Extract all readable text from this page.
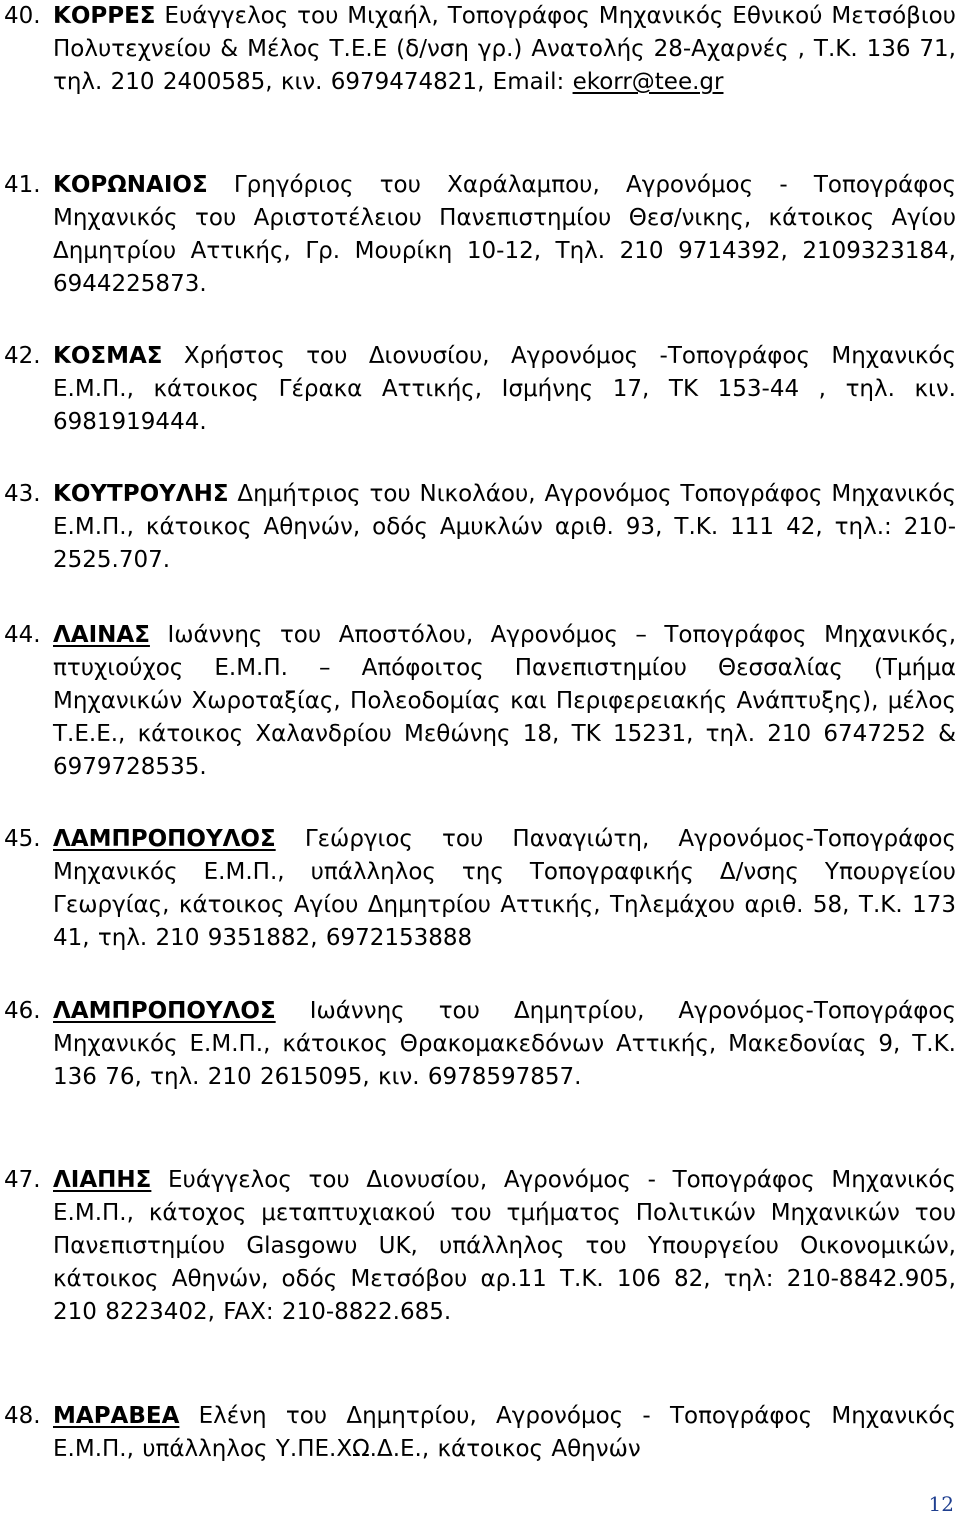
40. ΚΟΡΡΕΣ Ευάγγελος του Μιχαήλ, Τοπογράφος Μηχανικός Εθνικού Μετσόβιου Πολυτεχνείου & Μέλος Τ.Ε.Ε (δ/νση γρ.) Ανατολής 28-Αχαρνές , Τ.Κ. 136 71, τηλ. 210 2400585, κιν. 6979474821, Email: ekorr@tee.gr
41. ΚΟΡΩΝΑΙΟΣ Γρηγόριος του Χαράλαμπου, Αγρονόμος - Τοπογράφος Μηχανικός του Αριστοτέλειου Πανεπιστημίου Θεσ/νικης, κάτοικος Αγίου Δημητρίου Αττικής, Γρ. Μουρίκη 10-12, Τηλ. 210 9714392, 2109323184, 6944225873.
42. ΚΟΣΜΑΣ Χρήστος του Διονυσίου, Αγρονόμος -Τοπογράφος Μηχανικός Ε.Μ.Π., κάτοικος Γέρακα Αττικής, Ισμήνης 17, ΤΚ 153-44 , τηλ. κιν. 6981919444.
43. ΚΟΥΤΡΟΥΛΗΣ Δημήτριος του Νικολάου, Αγρονόμος Τοπογράφος Μηχανικός Ε.Μ.Π., κάτοικος Αθηνών, οδός Αμυκλών αριθ. 93, Τ.Κ. 111 42, τηλ.: 210-2525.707.
44. ΛΑΙΝΑΣ Ιωάννης του Αποστόλου, Αγρονόμος – Τοπογράφος Μηχανικός, πτυχιούχος Ε.Μ.Π. – Απόφοιτος Πανεπιστημίου Θεσσαλίας (Τμήμα Μηχανικών Χωροταξίας, Πολεοδομίας και Περιφερειακής Ανάπτυξης), μέλος Τ.Ε.Ε., κάτοικος Χαλανδρίου Μεθώνης 18, ΤΚ 15231, τηλ. 210 6747252 & 6979728535.
45. ΛΑΜΠΡΟΠΟΥΛΟΣ Γεώργιος του Παναγιώτη, Αγρονόμος-Τοπογράφος Μηχανικός Ε.Μ.Π., υπάλληλος της Τοπογραφικής Δ/νσης Υπουργείου Γεωργίας, κάτοικος Αγίου Δημητρίου Αττικής, Τηλεμάχου αριθ. 58, Τ.Κ. 173 41, τηλ. 210 9351882, 6972153888
46. ΛΑΜΠΡΟΠΟΥΛΟΣ Ιωάννης του Δημητρίου, Αγρονόμος-Τοπογράφος Μηχανικός Ε.Μ.Π., κάτοικος Θρακομακεδόνων Αττικής, Μακεδονίας 9, Τ.Κ. 136 76, τηλ. 210 2615095, κιν. 6978597857.
47. ΛΙΑΠΗΣ Ευάγγελος του Διονυσίου, Αγρονόμος - Τοπογράφος Μηχανικός Ε.Μ.Π., κάτοχος μεταπτυχιακού του τμήματος Πολιτικών Μηχανικών του Πανεπιστημίου Glasgowυ UK, υπάλληλος του Υπουργείου Οικονομικών, κάτοικος Αθηνών, οδός Μετσόβου αρ.11 Τ.Κ. 106 82, τηλ: 210-8842.905, 210 8223402, FAX: 210-8822.685.
48. ΜΑΡΑΒΕΑ Ελένη του Δημητρίου, Αγρονόμος - Τοπογράφος Μηχανικός Ε.Μ.Π., υπάλληλος Υ.ΠΕ.ΧΩ.Δ.Ε., κάτοικος Αθηνών
12
